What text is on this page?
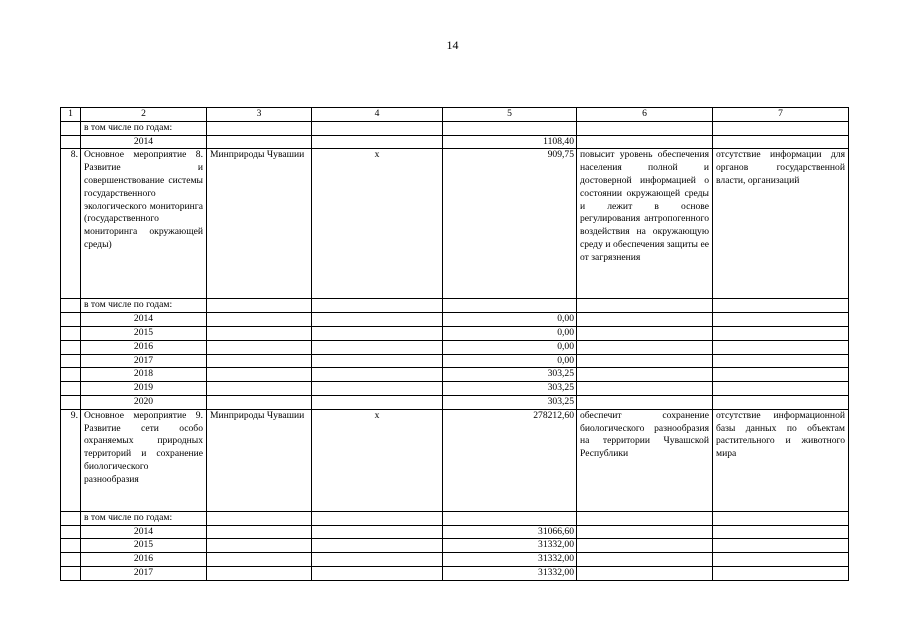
14
1	2	3	4	5	6	7
	в том числе по годам:					
	2014			1108,40		
8.	Основное мероприятие 8. Развитие и совершенствование системы государственного экологического мониторинга (государственного мониторинга окружающей среды)	Минприроды Чувашии	х	909,75	повысит уровень обеспечения населения полной и достоверной информацией о состоянии окружающей среды и лежит в основе регулирования антропогенного воздействия на окружающую среду и обеспечения защиты ее от загрязнения	отсутствие информации для органов государственной власти, организаций
	в том числе по годам:					
	2014			0,00		
	2015			0,00		
	2016			0,00		
	2017			0,00		
	2018			303,25		
	2019			303,25		
	2020			303,25		
9.	Основное мероприятие 9. Развитие сети особо охраняемых природных территорий и сохранение биологического разнообразия	Минприроды Чувашии	х	278212,60	обеспечит сохранение биологического разнообразия на территории Чувашской Республики	отсутствие информационной базы данных по объектам растительного и животного мира
	в том числе по годам:					
	2014			31066,60		
	2015			31332,00		
	2016			31332,00		
	2017			31332,00		
